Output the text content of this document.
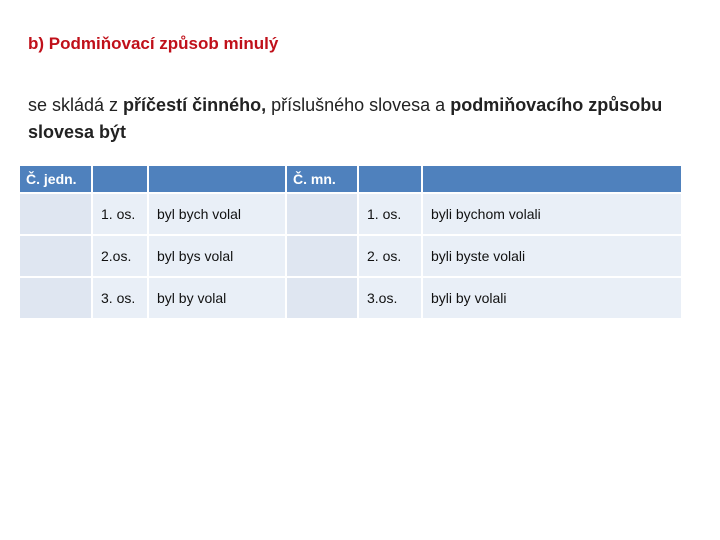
b) Podmiňovací způsob minulý
se skládá z příčestí činného, příslušného slovesa a podmiňovacího způsobu slovesa být
Č. jedn.			Č. mn.		
	1. os.	byl bych volal		1. os.	byli bychom volali
	2.os.	byl bys volal		2. os.	byli byste volali
	3. os.	byl by volal		3.os.	byli by volali
